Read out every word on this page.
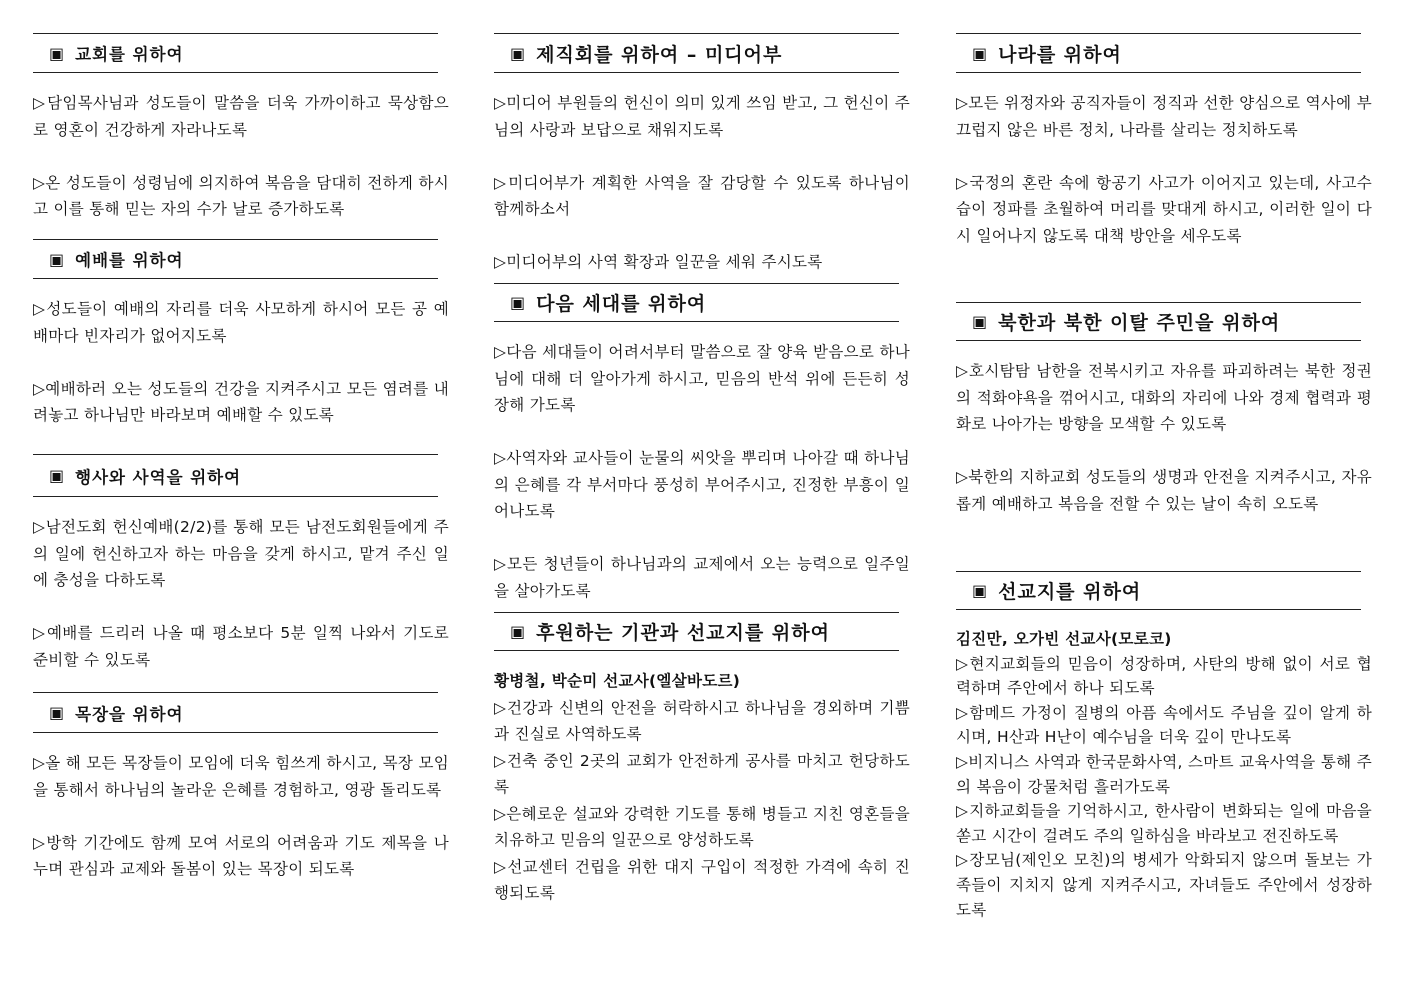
▣ 교회를 위하여

▷담임목사님과 성도들이 말씀을 더욱 가까이하고 묵상함으로 영혼이 건강하게 자라나도록

▷온 성도들이 성령님에 의지하여 복음을 담대히 전하게 하시고 이를 통해 믿는 자의 수가 날로 증가하도록

▣ 예배를 위하여

▷성도들이 예배의 자리를 더욱 사모하게 하시어 모든 공 예배마다 빈자리가 없어지도록

▷예배하러 오는 성도들의 건강을 지켜주시고 모든 염려를 내려놓고 하나님만 바라보며 예배할 수 있도록

▣ 행사와 사역을 위하여

▷남전도회 헌신예배(2/2)를 통해 모든 남전도회원들에게 주의 일에 헌신하고자 하는 마음을 갖게 하시고, 맡겨 주신 일에 충성을 다하도록

▷예배를 드리러 나올 때 평소보다 5분 일찍 나와서 기도로 준비할 수 있도록

▣ 목장을 위하여

▷올 해 모든 목장들이 모임에 더욱 힘쓰게 하시고, 목장 모임을 통해서 하나님의 놀라운 은혜를 경험하고, 영광 돌리도록

▷방학 기간에도 함께 모여 서로의 어려움과 기도 제목을 나누며 관심과 교제와 돌봄이 있는 목장이 되도록

▣ 제직회를 위하여 – 미디어부

▷미디어 부원들의 헌신이 의미 있게 쓰임 받고, 그 헌신이 주님의 사랑과 보답으로 채워지도록

▷미디어부가 계획한 사역을 잘 감당할 수 있도록 하나님이 함께하소서

▷미디어부의 사역 확장과 일꾼을 세워 주시도록

▣ 다음 세대를 위하여

▷다음 세대들이 어려서부터 말씀으로 잘 양육 받음으로 하나님에 대해 더 알아가게 하시고, 믿음의 반석 위에 든든히 성장해 가도록

▷사역자와 교사들이 눈물의 씨앗을 뿌리며 나아갈 때 하나님의 은혜를 각 부서마다 풍성히 부어주시고, 진정한 부흥이 일어나도록

▷모든 청년들이 하나님과의 교제에서 오는 능력으로 일주일을 살아가도록

▣ 후원하는 기관과 선교지를 위하여

황병철, 박순미 선교사(엘살바도르)

▷건강과 신변의 안전을 허락하시고 하나님을 경외하며 기쁨과 진실로 사역하도록

▷건축 중인 2곳의 교회가 안전하게 공사를 마치고 헌당하도록

▷은혜로운 설교와 강력한 기도를 통해 병들고 지친 영혼들을 치유하고 믿음의 일꾼으로 양성하도록

▷선교센터 건립을 위한 대지 구입이 적정한 가격에 속히 진행되도록

▣ 나라를 위하여

▷모든 위정자와 공직자들이 정직과 선한 양심으로 역사에 부끄럽지 않은 바른 정치, 나라를 살리는 정치하도록

▷국정의 혼란 속에 항공기 사고가 이어지고 있는데, 사고수습이 정파를 초월하여 머리를 맞대게 하시고, 이러한 일이 다시 일어나지 않도록 대책 방안을 세우도록

▣ 북한과 북한 이탈 주민을 위하여

▷호시탐탐 남한을 전복시키고 자유를 파괴하려는 북한 정권의 적화야욕을 꺾어시고, 대화의 자리에 나와 경제 협력과 평화로 나아가는 방향을 모색할 수 있도록

▷북한의 지하교회 성도들의 생명과 안전을 지켜주시고, 자유롭게 예배하고 복음을 전할 수 있는 날이 속히 오도록

▣ 선교지를 위하여

김진만, 오가빈 선교사(모로코)

▷현지교회들의 믿음이 성장하며, 사탄의 방해 없이 서로 협력하며 주안에서 하나 되도록

▷함메드 가정이 질병의 아픔 속에서도 주님을 깊이 알게 하시며, H산과 H난이 예수님을 더욱 깊이 만나도록

▷비지니스 사역과 한국문화사역, 스마트 교육사역을 통해 주의 복음이 강물처럼 흘러가도록

▷지하교회들을 기억하시고, 한사람이 변화되는 일에 마음을 쏟고 시간이 걸려도 주의 일하심을 바라보고 전진하도록

▷장모님(제인오 모친)의 병세가 악화되지 않으며 돌보는 가족들이 지치지 않게 지켜주시고, 자녀들도 주안에서 성장하도록
